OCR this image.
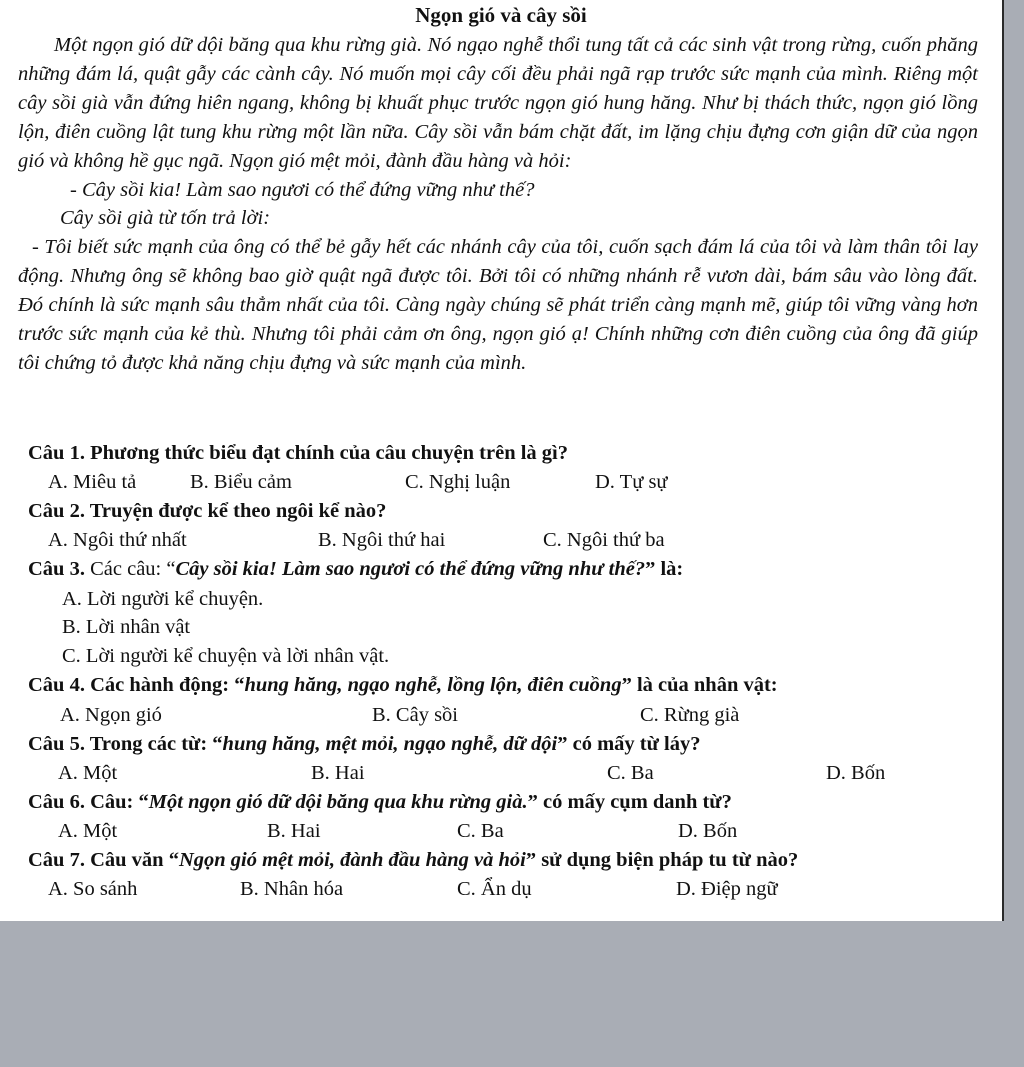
Ngọn gió và cây sồi

Một ngọn gió dữ dội băng qua khu rừng già. Nó ngạo nghễ thổi tung tất cả các sinh vật trong rừng, cuốn phăng những đám lá, quật gẫy các cành cây. Nó muốn mọi cây cối đều phải ngã rạp trước sức mạnh của mình. Riêng một cây sồi già vẫn đứng hiên ngang, không bị khuất phục trước ngọn gió hung hăng. Như bị thách thức, ngọn gió lồng lộn, điên cuồng lật tung khu rừng một lần nữa. Cây sồi vẫn bám chặt đất, im lặng chịu đựng cơn giận dữ của ngọn gió và không hề gục ngã. Ngọn gió mệt mỏi, đành đầu hàng và hỏi:

- Cây sồi kia! Làm sao ngươi có thể đứng vững như thế?

Cây sồi già từ tốn trả lời:

- Tôi biết sức mạnh của ông có thể bẻ gẫy hết các nhánh cây của tôi, cuốn sạch đám lá của tôi và làm thân tôi lay động. Nhưng ông sẽ không bao giờ quật ngã được tôi. Bởi tôi có những nhánh rễ vươn dài, bám sâu vào lòng đất. Đó chính là sức mạnh sâu thẳm nhất của tôi. Càng ngày chúng sẽ phát triển càng mạnh mẽ, giúp tôi vững vàng hơn trước sức mạnh của kẻ thù. Nhưng tôi phải cảm ơn ông, ngọn gió ạ! Chính những cơn điên cuồng của ông đã giúp tôi chứng tỏ được khả năng chịu đựng và sức mạnh của mình.

Câu 1. Phương thức biểu đạt chính của câu chuyện trên là gì?
A. Miêu tả	B. Biểu cảm	C. Nghị luận	D. Tự sự
Câu 2. Truyện được kể theo ngôi kể nào?
A. Ngôi thứ nhất	B. Ngôi thứ hai	C. Ngôi thứ ba
Câu 3. Các câu: “Cây sồi kia! Làm sao ngươi có thể đứng vững như thế?” là:
A. Lời người kể chuyện.
B. Lời nhân vật
C. Lời người kể chuyện và lời nhân vật.
Câu 4. Các hành động: “hung hăng, ngạo nghễ, lồng lộn, điên cuồng” là của nhân vật:
A. Ngọn gió	B. Cây sồi	C. Rừng già
Câu 5. Trong các từ: “hung hăng, mệt mỏi, ngạo nghễ, dữ dội” có mấy từ láy?
A. Một	B. Hai	C. Ba	D. Bốn
Câu 6. Câu: “Một ngọn gió dữ dội băng qua khu rừng già.” có mấy cụm danh từ?
A. Một	B. Hai	C. Ba	D. Bốn
Câu 7. Câu văn “Ngọn gió mệt mỏi, đành đầu hàng và hỏi” sử dụng biện pháp tu từ nào?
A. So sánh	B. Nhân hóa	C. Ẩn dụ	D. Điệp ngữ
